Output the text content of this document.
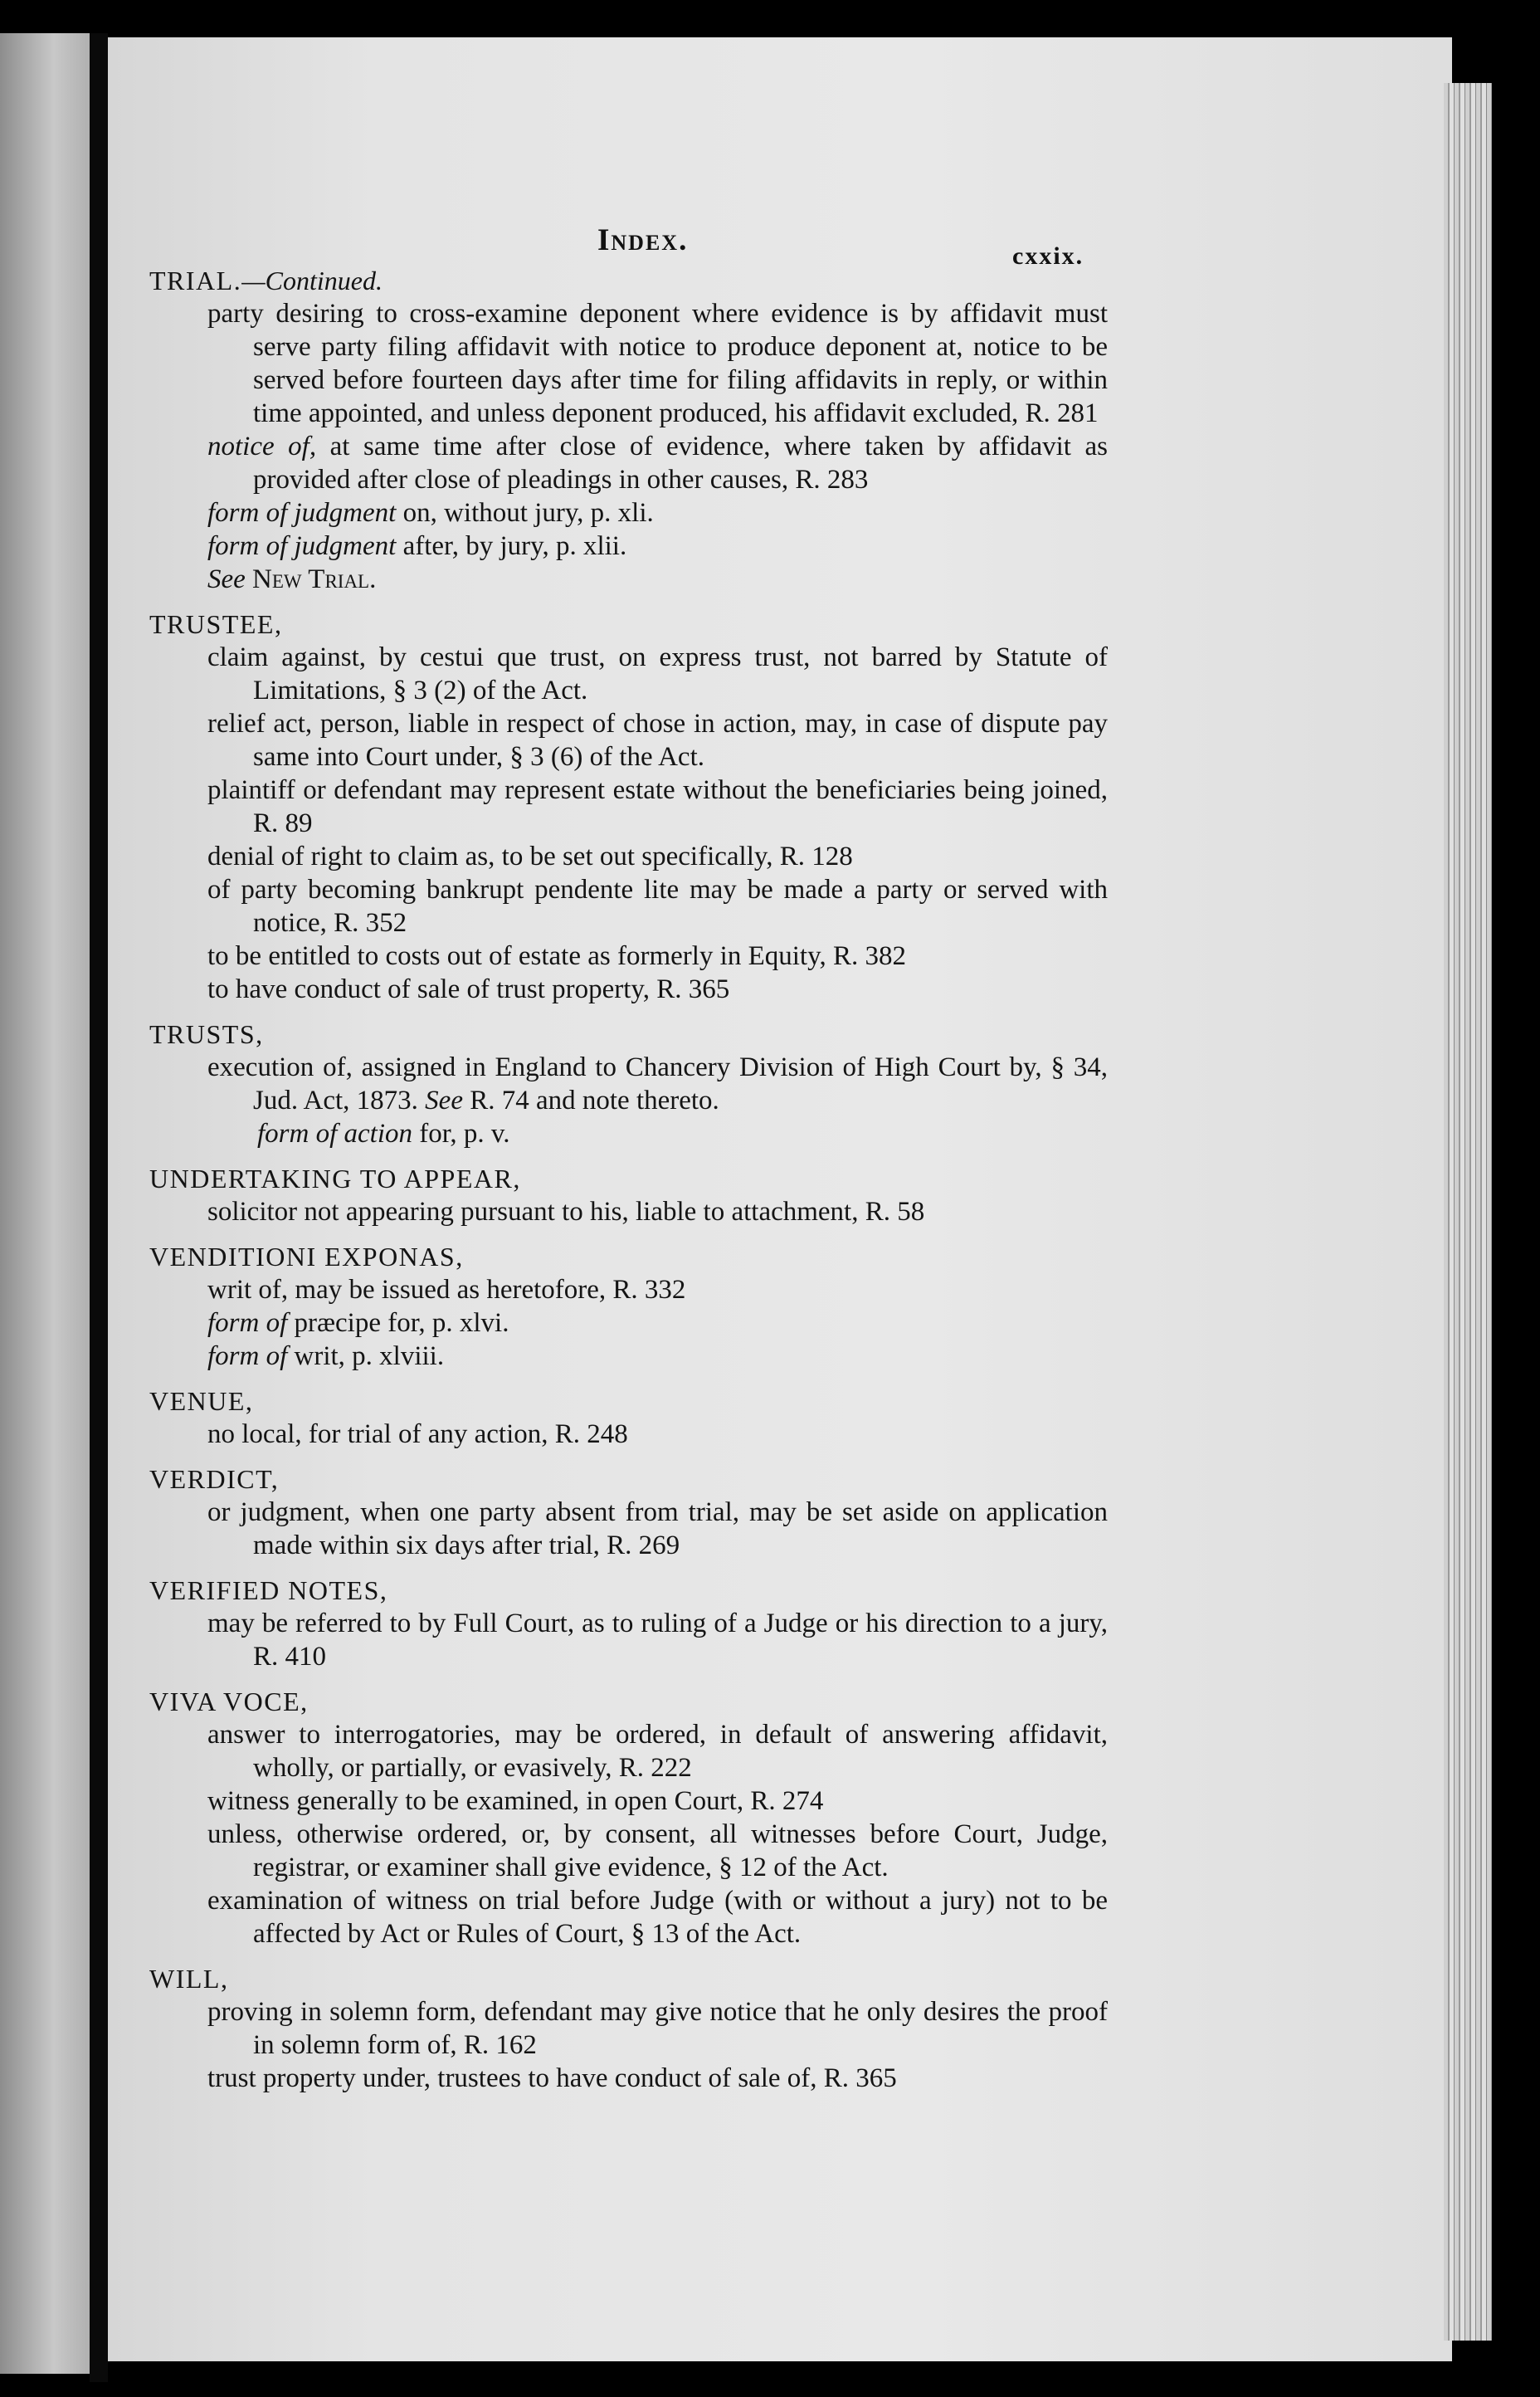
Index.	cxxix.
TRIAL.—Continued.

party desiring to cross-examine deponent where evidence is by affidavit must serve party filing affidavit with notice to produce deponent at, notice to be served before fourteen days after time for filing affidavits in reply, or within time appointed, and unless deponent produced, his affidavit excluded, R. 281

notice of, at same time after close of evidence, where taken by affidavit as provided after close of pleadings in other causes, R. 283

form of judgment on, without jury, p. xli.

form of judgment after, by jury, p. xlii.

See New Trial.

TRUSTEE,

claim against, by cestui que trust, on express trust, not barred by Statute of Limitations, § 3 (2) of the Act.

relief act, person, liable in respect of chose in action, may, in case of dispute pay same into Court under, § 3 (6) of the Act.

plaintiff or defendant may represent estate without the beneficiaries being joined, R. 89

denial of right to claim as, to be set out specifically, R. 128

of party becoming bankrupt pendente lite may be made a party or served with notice, R. 352

to be entitled to costs out of estate as formerly in Equity, R. 382

to have conduct of sale of trust property, R. 365

TRUSTS,

execution of, assigned in England to Chancery Division of High Court by, § 34, Jud. Act, 1873. See R. 74 and note thereto.

form of action for, p. v.

UNDERTAKING TO APPEAR,

solicitor not appearing pursuant to his, liable to attachment, R. 58

VENDITIONI EXPONAS,

writ of, may be issued as heretofore, R. 332

form of præcipe for, p. xlvi.

form of writ, p. xlviii.

VENUE,

no local, for trial of any action, R. 248

VERDICT,

or judgment, when one party absent from trial, may be set aside on application made within six days after trial, R. 269

VERIFIED NOTES,

may be referred to by Full Court, as to ruling of a Judge or his direction to a jury, R. 410

VIVA VOCE,

answer to interrogatories, may be ordered, in default of answering affidavit, wholly, or partially, or evasively, R. 222

witness generally to be examined, in open Court, R. 274

unless, otherwise ordered, or, by consent, all witnesses before Court, Judge, registrar, or examiner shall give evidence, § 12 of the Act.

examination of witness on trial before Judge (with or without a jury) not to be affected by Act or Rules of Court, § 13 of the Act.

WILL,

proving in solemn form, defendant may give notice that he only desires the proof in solemn form of, R. 162

trust property under, trustees to have conduct of sale of, R. 365
